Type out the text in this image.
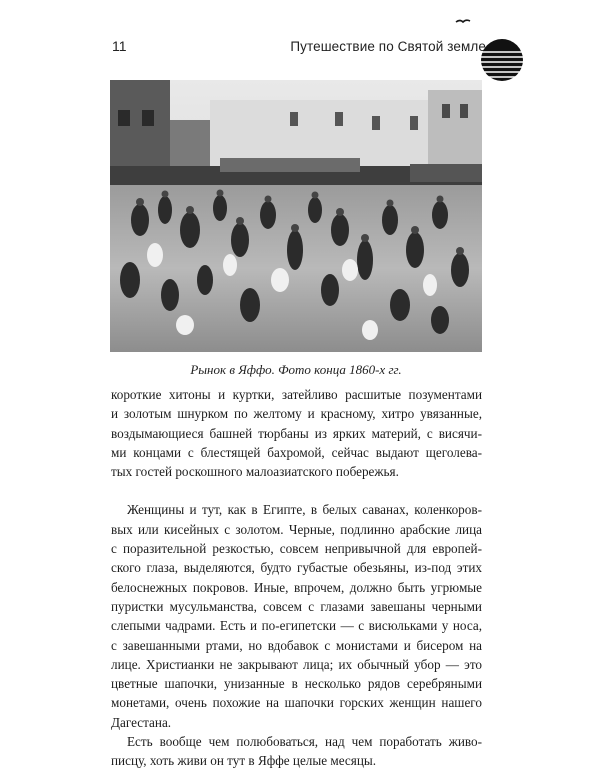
11	Путешествие по Святой земле
Рынок в Яффо. Фото конца 1860-х гг.
короткие хитоны и куртки, затейливо расшитые позументами
и золотым шнурком по желтому и красному, хитро увязанные,
воздымающиеся башней тюрбаны из ярких материй, с висячи-
ми концами с блестящей бахромой, сейчас выдают щеголева-
тых гостей роскошного малоазиатского побережья.
Женщины и тут, как в Египте, в белых саванах, коленкоров-
вых или кисейных с золотом. Черные, подлинно арабские лица
с поразительной резкостью, совсем непривычной для европей-
ского глаза, выделяются, будто губастые обезьяны, из-под этих
белоснежных покровов. Иные, впрочем, должно быть угрюмые
пуристки мусульманства, совсем с глазами завешаны черными
слепыми чадрами. Есть и по-египетски — с висюльками у носа,
с завешанными ртами, но вдобавок с монистами и бисером на
лице. Христианки не закрывают лица; их обычный убор — это
цветные шапочки, унизанные в несколько рядов серебряными
монетами, очень похожие на шапочки горских женщин нашего
Дагестана.
Есть вообще чем полюбоваться, над чем поработать живо-
писцу, хоть живи он тут в Яффе целые месяцы.
